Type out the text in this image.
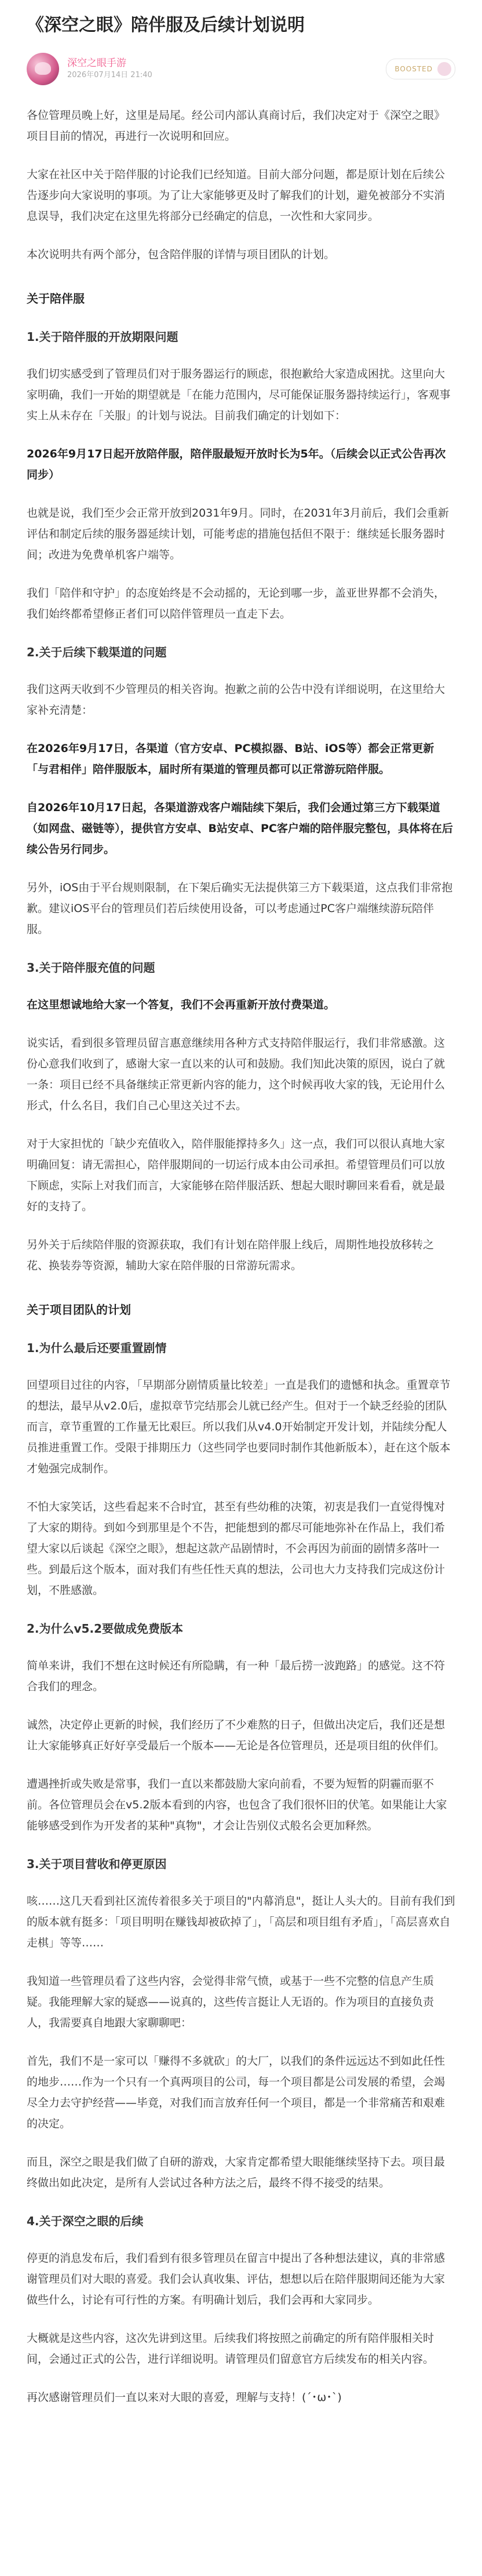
《深空之眼》陪伴服及后续计划说明
深空之眼手游
2026年07月14日 21:40
BOOSTED

各位管理员晚上好，这里是局尾。经公司内部认真商讨后，我们决定对于《深空之眼》项目目前的情况，再进行一次说明和回应。

大家在社区中关于陪伴服的讨论我们已经知道。目前大部分问题，都是原计划在后续公告逐步向大家说明的事项。为了让大家能够更及时了解我们的计划，避免被部分不实消息误导，我们决定在这里先将部分已经确定的信息，一次性和大家同步。

本次说明共有两个部分，包含陪伴服的详情与项目团队的计划。

关于陪伴服
1.关于陪伴服的开放期限问题

我们切实感受到了管理员们对于服务器运行的顾虑，很抱歉给大家造成困扰。这里向大家明确，我们一开始的期望就是「在能力范围内，尽可能保证服务器持续运行」，客观事实上从未存在「关服」的计划与说法。目前我们确定的计划如下：

2026年9月17日起开放陪伴服，陪伴服最短开放时长为5年。（后续会以正式公告再次同步）

也就是说，我们至少会正常开放到2031年9月。同时，在2031年3月前后，我们会重新评估和制定后续的服务器延续计划，可能考虑的措施包括但不限于：继续延长服务器时间；改进为免费单机客户端等。

我们「陪伴和守护」的态度始终是不会动摇的，无论到哪一步，盖亚世界都不会消失，我们始终都希望修正者们可以陪伴管理员一直走下去。

2.关于后续下载渠道的问题

我们这两天收到不少管理员的相关咨询。抱歉之前的公告中没有详细说明，在这里给大家补充清楚：

在2026年9月17日，各渠道（官方安卓、PC模拟器、B站、iOS等）都会正常更新「与君相伴」陪伴服版本，届时所有渠道的管理员都可以正常游玩陪伴服。

自2026年10月17日起，各渠道游戏客户端陆续下架后，我们会通过第三方下载渠道（如网盘、磁链等），提供官方安卓、B站安卓、PC客户端的陪伴服完整包，具体将在后续公告另行同步。

另外，iOS由于平台规则限制，在下架后确实无法提供第三方下载渠道，这点我们非常抱歉。建议iOS平台的管理员们若后续使用设备，可以考虑通过PC客户端继续游玩陪伴服。

3.关于陪伴服充值的问题

在这里想诚地给大家一个答复，我们不会再重新开放付费渠道。

说实话，看到很多管理员留言惠意继续用各种方式支持陪伴服运行，我们非常感激。这份心意我们收到了，感谢大家一直以来的认可和鼓励。我们知此决策的原因，说白了就一条：项目已经不具备继续正常更新内容的能力，这个时候再收大家的钱，无论用什么形式，什么名目，我们自己心里这关过不去。

对于大家担忧的「缺少充值收入，陪伴服能撑持多久」这一点，我们可以很认真地大家明确回复：请无需担心，陪伴服期间的一切运行成本由公司承担。希望管理员们可以放下顾虑，实际上对我们而言，大家能够在陪伴服活跃、想起大眼时聊回来看看，就是最好的支持了。

另外关于后续陪伴服的资源获取，我们有计划在陪伴服上线后，周期性地投放移转之花、换装券等资源，辅助大家在陪伴服的日常游玩需求。

关于项目团队的计划
1.为什么最后还要重置剧情

回望项目过往的内容，「早期部分剧情质量比较差」一直是我们的遗憾和执念。重置章节的想法，最早从v2.0后，虚拟章节完结那会儿就已经产生。但对于一个缺乏经验的团队而言，章节重置的工作量无比艰巨。所以我们从v4.0开始制定开发计划，并陆续分配人员推进重置工作。受限于排期压力（这些同学也要同时制作其他新版本），赶在这个版本才勉强完成制作。

不怕大家笑话，这些看起来不合时宜，甚至有些幼稚的决策，初衷是我们一直觉得愧对了大家的期待。到如今到那里是个不告，把能想到的都尽可能地弥补在作品上，我们希望大家以后谈起《深空之眼》，想起这款产品剧情时，不会再因为前面的剧情多落叶一些。到最后这个版本，面对我们有些任性天真的想法，公司也大力支持我们完成这份计划，不胜感激。

2.为什么v5.2要做成免费版本

简单来讲，我们不想在这时候还有所隐瞒，有一种「最后捞一波跑路」的感觉。这不符合我们的理念。

诚然，决定停止更新的时候，我们经历了不少难熬的日子，但做出决定后，我们还是想让大家能够真正好好享受最后一个版本——无论是各位管理员，还是项目组的伙伴们。

遭遇挫折或失败是常事，我们一直以来都鼓励大家向前看，不要为短暂的阴霾而驱不前。各位管理员会在v5.2版本看到的内容，也包含了我们很怀旧的伏笔。如果能让大家能够感受到作为开发者的某种"真物"，才会让告别仪式般名会更加释然。

3.关于项目营收和停更原因

咳……这几天看到社区流传着很多关于项目的"内幕消息"，挺让人头大的。目前有我们到的版本就有挺多：「项目明明在赚钱却被砍掉了」，「高层和项目组有矛盾」，「高层喜欢自走棋」等等……

我知道一些管理员看了这些内容，会觉得非常气愤，或基于一些不完整的信息产生质疑。我能理解大家的疑惑——说真的，这些传言挺让人无语的。作为项目的直接负责人，我需要真自地跟大家聊聊吧：

首先，我们不是一家可以「赚得不多就砍」的大厂，以我们的条件远远达不到如此任性的地步……作为一个只有一个真两项目的公司，每一个项目都是公司发展的希望，会竭尽全力去守护经营——毕竟，对我们而言放弃任何一个项目，都是一个非常痛苦和艰难的决定。

而且，深空之眼是我们做了自研的游戏，大家肯定都希望大眼能继续坚持下去。项目最终做出如此决定，是所有人尝试过各种方法之后，最终不得不接受的结果。

4.关于深空之眼的后续

停更的消息发布后，我们看到有很多管理员在留言中提出了各种想法建议，真的非常感谢管理员们对大眼的喜爱。我们会认真收集、评估，想想以后在陪伴服期间还能为大家做些什么，讨论有可行性的方案。有明确计划后，我们会再和大家同步。

大概就是这些内容，这次先讲到这里。后续我们将按照之前确定的所有陪伴服相关时间，会通过正式的公告，进行详细说明。请管理员们留意官方后续发布的相关内容。

再次感谢管理员们一直以来对大眼的喜爱，理解与支持！(´･ω･`)
